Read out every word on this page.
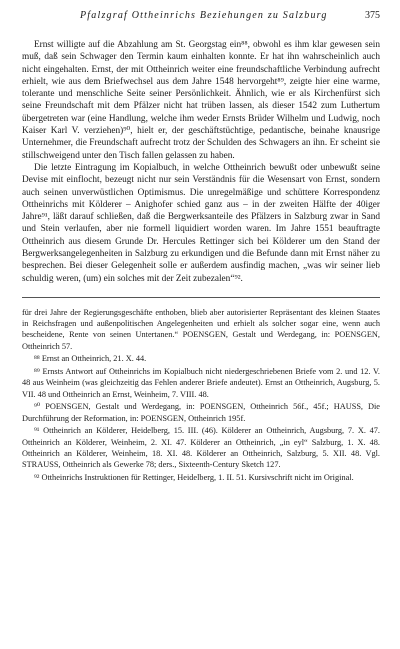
Pfalzgraf Ottheinrichs Beziehungen zu Salzburg	375

Ernst willigte auf die Abzahlung am St. Georgstag ein⁸⁸, obwohl es ihm klar gewesen sein muß, daß sein Schwager den Termin kaum einhalten konnte. Er hat ihn wahrscheinlich auch nicht eingehalten. Ernst, der mit Ottheinrich weiter eine freundschaftliche Verbindung aufrecht erhielt, wie aus dem Briefwechsel aus dem Jahre 1548 hervorgeht⁸⁹, zeigte hier eine warme, tolerante und menschliche Seite seiner Persönlichkeit. Ähnlich, wie er als Kirchenfürst sich seine Freundschaft mit dem Pfälzer nicht hat trüben lassen, als dieser 1542 zum Luthertum übergetreten war (eine Handlung, welche ihm weder Ernsts Brüder Wilhelm und Ludwig, noch Kaiser Karl V. verziehen)⁹⁰, hielt er, der geschäftstüchtige, pedantische, beinahe knausrige Unternehmer, die Freundschaft aufrecht trotz der Schulden des Schwagers an ihn. Er scheint sie stillschweigend unter den Tisch fallen gelassen zu haben.

Die letzte Eintragung im Kopialbuch, in welche Ottheinrich bewußt oder unbewußt seine Devise mit einflocht, bezeugt nicht nur sein Verständnis für die Wesensart von Ernst, sondern auch seinen unverwüstlichen Optimismus. Die unregelmäßige und schüttere Korrespondenz Ottheinrichs mit Kölderer – Anighofer schied ganz aus – in der zweiten Hälfte der 40iger Jahre⁹¹, läßt darauf schließen, daß die Bergwerksanteile des Pfälzers in Salzburg zwar in Sand und Stein verlaufen, aber nie formell liquidiert worden waren. Im Jahre 1551 beauftragte Ottheinrich aus diesem Grunde Dr. Hercules Rettinger sich bei Kölderer um den Stand der Bergwerksangelegenheiten in Salzburg zu erkundigen und die Befunde dann mit Ernst näher zu besprechen. Bei dieser Gelegenheit solle er außerdem ausfindig machen, „was wir seiner lieb schuldig weren, (um) ein solches mit der Zeit zubezalen“⁹².

für drei Jahre der Regierungsgeschäfte enthoben, blieb aber autorisierter Repräsentant des kleinen Staates in Reichsfragen und außenpolitischen Angelegenheiten und erhielt als solcher sogar eine, wenn auch bescheidene, Rente von seinen Untertanen.“ POENSGEN, Gestalt und Werdegang, in: POENSGEN, Ottheinrich 57.

⁸⁸ Ernst an Ottheinrich, 21. X. 44.

⁸⁹ Ernsts Antwort auf Ottheinrichs im Kopialbuch nicht niedergeschriebenen Briefe vom 2. und 12. V. 48 aus Weinheim (was gleichzeitig das Fehlen anderer Briefe andeutet). Ernst an Ottheinrich, Augsburg, 5. VII. 48 und Ottheinrich an Ernst, Weinheim, 7. VIII. 48.

⁹⁰ POENSGEN, Gestalt und Werdegang, in: POENSGEN, Ottheinrich 56f., 45f.; HAUSS, Die Durchführung der Reformation, in: POENSGEN, Ottheinrich 195f.

⁹¹ Ottheinrich an Kölderer, Heidelberg, 15. III. (46). Kölderer an Ottheinrich, Augsburg, 7. X. 47. Ottheinrich an Kölderer, Weinheim, 2. XI. 47. Kölderer an Ottheinrich, „in eyl“ Salzburg, 1. X. 48. Ottheinrich an Kölderer, Weinheim, 18. XI. 48. Kölderer an Ottheinrich, Salzburg, 5. XII. 48. Vgl. STRAUSS, Ottheinrich als Gewerke 78; ders., Sixteenth-Century Sketch 127.

⁹² Ottheinrichs Instruktionen für Rettinger, Heidelberg, 1. II. 51. Kursivschrift nicht im Original.
